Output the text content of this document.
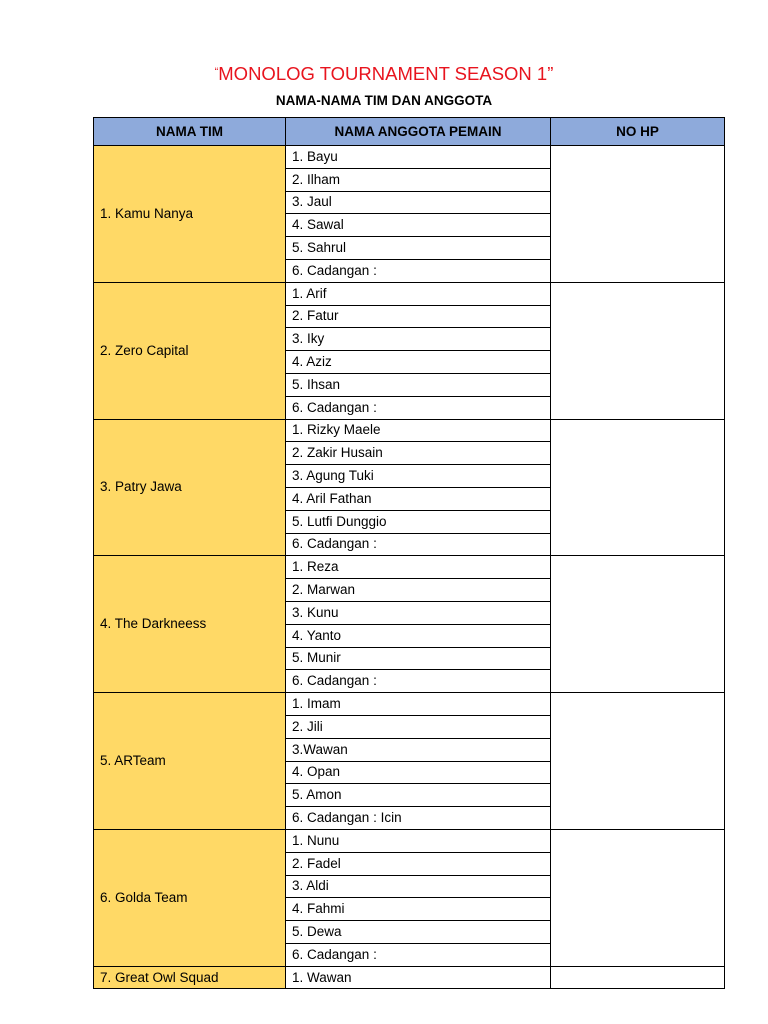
“MONOLOG TOURNAMENT SEASON 1”
NAMA-NAMA TIM DAN ANGGOTA
NAMA TIM	NAMA ANGGOTA PEMAIN	NO HP
1. Kamu Nanya	1. Bayu	
	2. Ilham	
	3. Jaul	
	4. Sawal	
	5. Sahrul	
	6. Cadangan :	
2. Zero Capital	1. Arif	
	2. Fatur	
	3. Iky	
	4. Aziz	
	5. Ihsan	
	6. Cadangan :	
3. Patry Jawa	1. Rizky Maele	
	2. Zakir Husain	
	3. Agung Tuki	
	4. Aril Fathan	
	5. Lutfi Dunggio	
	6. Cadangan :	
4. The Darkneess	1. Reza	
	2. Marwan	
	3. Kunu	
	4. Yanto	
	5. Munir	
	6. Cadangan :	
5. ARTeam	1. Imam	
	2. Jili	
	3.Wawan	
	4. Opan	
	5. Amon	
	6. Cadangan : Icin	
6. Golda Team	1. Nunu	
	2. Fadel	
	3. Aldi	
	4. Fahmi	
	5. Dewa	
	6. Cadangan :	
7. Great Owl Squad	1. Wawan	
